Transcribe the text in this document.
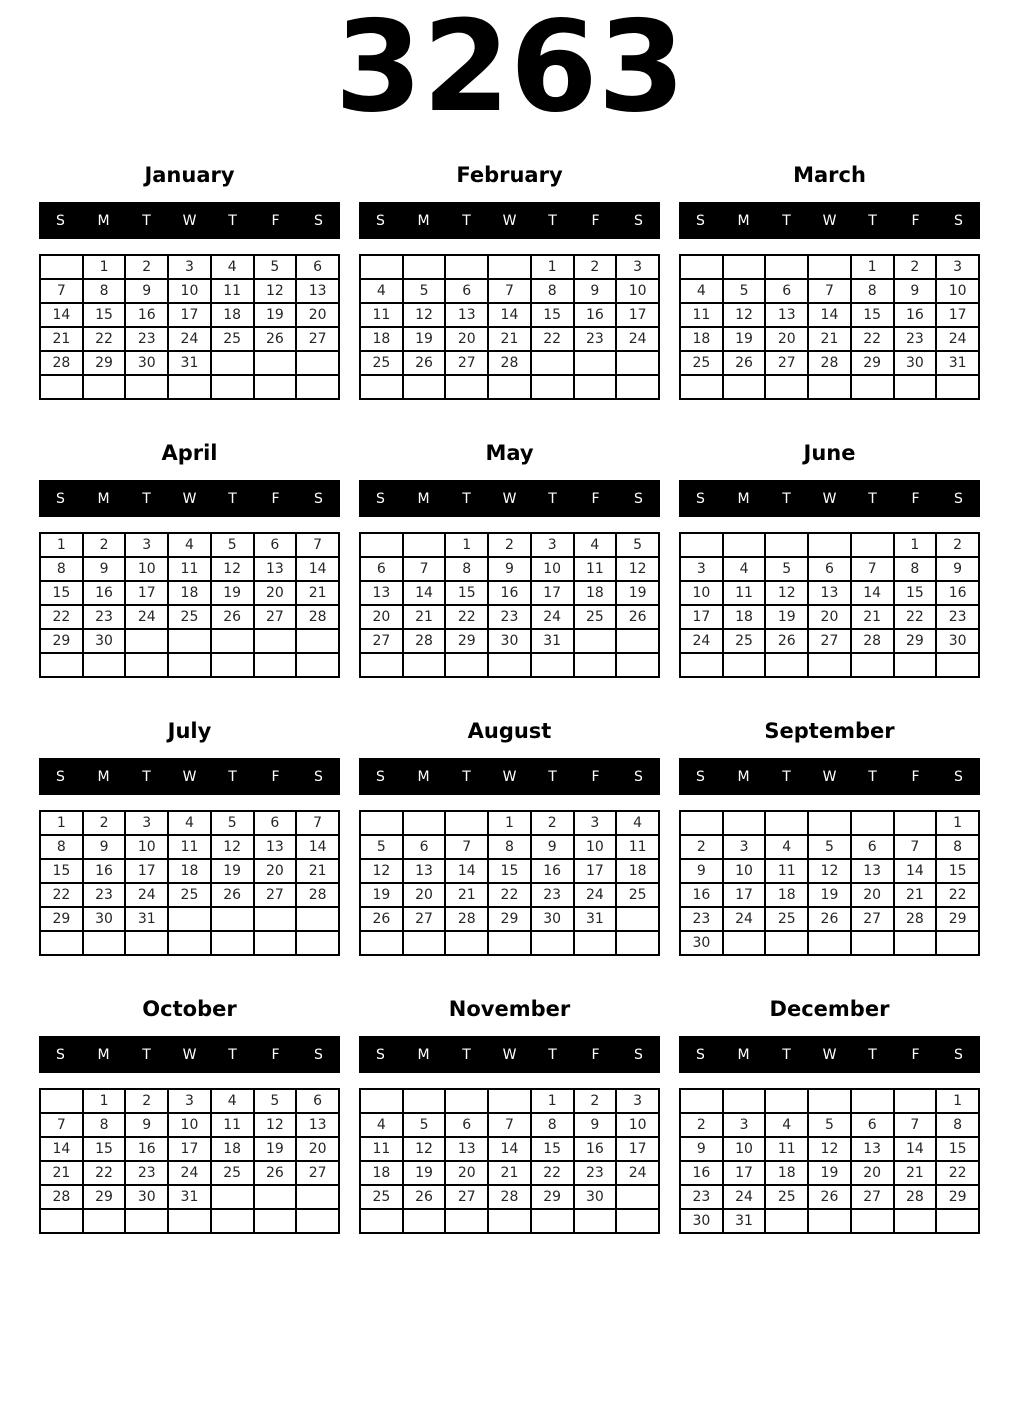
3263
January
S	M	T	W	T	F	S
	1	2	3	4	5	6
7	8	9	10	11	12	13
14	15	16	17	18	19	20
21	22	23	24	25	26	27
28	29	30	31			

February
S	M	T	W	T	F	S
				1	2	3
4	5	6	7	8	9	10
11	12	13	14	15	16	17
18	19	20	21	22	23	24
25	26	27	28			

March
S	M	T	W	T	F	S
				1	2	3
4	5	6	7	8	9	10
11	12	13	14	15	16	17
18	19	20	21	22	23	24
25	26	27	28	29	30	31

April
S	M	T	W	T	F	S
1	2	3	4	5	6	7
8	9	10	11	12	13	14
15	16	17	18	19	20	21
22	23	24	25	26	27	28
29	30					

May
S	M	T	W	T	F	S
		1	2	3	4	5
6	7	8	9	10	11	12
13	14	15	16	17	18	19
20	21	22	23	24	25	26
27	28	29	30	31		

June
S	M	T	W	T	F	S
					1	2
3	4	5	6	7	8	9
10	11	12	13	14	15	16
17	18	19	20	21	22	23
24	25	26	27	28	29	30

July
S	M	T	W	T	F	S
1	2	3	4	5	6	7
8	9	10	11	12	13	14
15	16	17	18	19	20	21
22	23	24	25	26	27	28
29	30	31				

August
S	M	T	W	T	F	S
			1	2	3	4
5	6	7	8	9	10	11
12	13	14	15	16	17	18
19	20	21	22	23	24	25
26	27	28	29	30	31	

September
S	M	T	W	T	F	S
						1
2	3	4	5	6	7	8
9	10	11	12	13	14	15
16	17	18	19	20	21	22
23	24	25	26	27	28	29
30						
October
S	M	T	W	T	F	S
	1	2	3	4	5	6
7	8	9	10	11	12	13
14	15	16	17	18	19	20
21	22	23	24	25	26	27
28	29	30	31			

November
S	M	T	W	T	F	S
				1	2	3
4	5	6	7	8	9	10
11	12	13	14	15	16	17
18	19	20	21	22	23	24
25	26	27	28	29	30	

December
S	M	T	W	T	F	S
						1
2	3	4	5	6	7	8
9	10	11	12	13	14	15
16	17	18	19	20	21	22
23	24	25	26	27	28	29
30	31					
